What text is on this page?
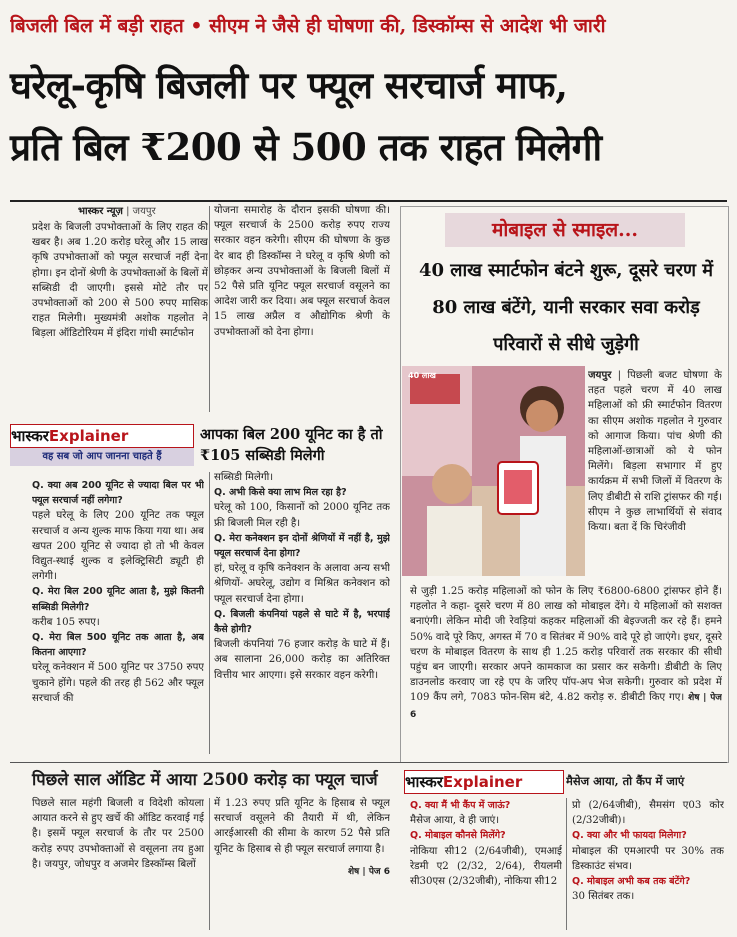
बिजली बिल में बड़ी राहत • सीएम ने जैसे ही घोषणा की, डिस्कॉम्स से आदेश भी जारी
घरेलू-कृषि बिजली पर फ्यूल सरचार्ज माफ,
प्रति बिल ₹200 से 500 तक राहत मिलेगी
भास्कर न्यूज़ | जयपुर
प्रदेश के बिजली उपभोक्ताओं के लिए राहत की खबर है। अब 1.20 करोड़ घरेलू और 15 लाख कृषि उपभोक्ताओं को फ्यूल सरचार्ज नहीं देना होगा। इन दोनों श्रेणी के उपभोक्ताओं के बिलों में सब्सिडी दी जाएगी। इससे मोटे तौर पर उपभोक्ताओं को 200 से 500 रुपए मासिक राहत मिलेगी। मुख्यमंत्री अशोक गहलोत ने बिड़ला ऑडिटोरियम में इंदिरा गांधी स्मार्टफोन
योजना समारोह के दौरान इसकी घोषणा की। फ्यूल सरचार्ज के 2500 करोड़ रुपए राज्य सरकार वहन करेगी। सीएम की घोषणा के कुछ देर बाद ही डिस्कॉम्स ने घरेलू व कृषि श्रेणी को छोड़कर अन्य उपभोक्ताओं के बिजली बिलों में 52 पैसे प्रति यूनिट फ्यूल सरचार्ज वसूलने का आदेश जारी कर दिया। अब फ्यूल सरचार्ज केवल 15 लाख अप्रैल व औद्योगिक श्रेणी के उपभोक्ताओं को देना होगा।
मोबाइल से स्माइल...
40 लाख स्मार्टफोन बंटने शुरू, दूसरे चरण में 80 लाख बंटेंगे, यानी सरकार सवा करोड़ परिवारों से सीधे जुड़ेगी
40 लाख	जयपुर | पिछली बजट घोषणा के तहत पहले चरण में 40 लाख महिलाओं को फ्री स्मार्टफोन वितरण का सीएम अशोक गहलोत ने गुरुवार को आगाज किया। पांच श्रेणी की महिलाओं-छात्राओं को ये फोन मिलेंगे। बिड़ला सभागार में हुए कार्यक्रम में सभी जिलों में वितरण के लिए डीबीटी से राशि ट्रांसफर की गई। सीएम ने कुछ लाभार्थियों से संवाद किया। बता दें कि चिरंजीवी
से जुड़ी 1.25 करोड़ महिलाओं को फोन के लिए ₹6800-6800 ट्रांसफर होने हैं। गहलोत ने कहा- दूसरे चरण में 80 लाख को मोबाइल देंगे। ये महिलाओं को सशक्त बनाएंगी। लेकिन मोदी जी रेवड़ियां कहकर महिलाओं की बेइज्जती कर रहे हैं। हमने 50% वादे पूरे किए, अगस्त में 70 व सितंबर में 90% वादे पूरे हो जाएंगे। इधर, दूसरे चरण के मोबाइल वितरण के साथ ही 1.25 करोड़ परिवारों तक सरकार की सीधी पहुंच बन जाएगी। सरकार अपने कामकाज का प्रसार कर सकेगी। डीबीटी के लिए डाउनलोड करवाए जा रहे एप के जरिए पॉप-अप भेज सकेगी। गुरुवार को प्रदेश में 109 कैंप लगे, 7083 फोन-सिम बंटे, 4.82 करोड़ रु. डीबीटी किए गए। शेष | पेज 6
भास्करExplainer
वह सब जो आप जानना चाहते हैं
आपका बिल 200 यूनिट का है तो ₹105 सब्सिडी मिलेगी
Q. क्या अब 200 यूनिट से ज्यादा बिल पर भी फ्यूल सरचार्ज नहीं लगेगा?
पहले घरेलू के लिए 200 यूनिट तक फ्यूल सरचार्ज व अन्य शुल्क माफ किया गया था। अब खपत 200 यूनिट से ज्यादा हो तो भी केवल विद्युत-स्थाई शुल्क व इलेक्ट्रिसिटी ड्यूटी ही लगेगी।
Q. मेरा बिल 200 यूनिट आता है, मुझे कितनी सब्सिडी मिलेगी?
करीब 105 रुपए।
Q. मेरा बिल 500 यूनिट तक आता है, अब कितना आएगा?
घरेलू कनेक्शन में 500 यूनिट पर 3750 रुपए चुकाने होंगे। पहले की तरह ही 562 और फ्यूल सरचार्ज की
सब्सिडी मिलेगी।
Q. अभी किसे क्या लाभ मिल रहा है?
घरेलू को 100, किसानों को 2000 यूनिट तक फ्री बिजली मिल रही है।
Q. मेरा कनेक्शन इन दोनों श्रेणियों में नहीं है, मुझे फ्यूल सरचार्ज देना होगा?
हां, घरेलू व कृषि कनेक्शन के अलावा अन्य सभी श्रेणियों- अघरेलू, उद्योग व मिश्रित कनेक्शन को फ्यूल सरचार्ज देना होगा।
Q. बिजली कंपनियां पहले से घाटे में है, भरपाई कैसे होगी?
बिजली कंपनियां 76 हजार करोड़ के घाटे में हैं। अब सालाना 26,000 करोड़ का अतिरिक्त वित्तीय भार आएगा। इसे सरकार वहन करेगी।
पिछले साल ऑडिट में आया 2500 करोड़ का फ्यूल चार्ज
पिछले साल महंगी बिजली व विदेशी कोयला आयात करने से हुए खर्चे की ऑडिट करवाई गई है। इसमें फ्यूल सरचार्ज के तौर पर 2500 करोड़ रुपए उपभोक्ताओं से वसूलना तय हुआ है। जयपुर, जोधपुर व अजमेर डिस्कॉम्स बिलों
में 1.23 रुपए प्रति यूनिट के हिसाब से फ्यूल सरचार्ज वसूलने की तैयारी में थी, लेकिन आरईआरसी की सीमा के कारण 52 पैसे प्रति यूनिट के हिसाब से ही फ्यूल सरचार्ज लगाया है।
शेष | पेज 6
भास्करExplainer	मैसेज आया, तो कैंप में जाएं
Q. क्या मैं भी कैंप में जाऊं?
मैसेज आया, वे ही जाएं।
Q. मोबाइल कौनसे मिलेंगे?
नोकिया सी12 (2/64जीबी), एमआई रेडमी ए2 (2/32, 2/64), रीयलमी सी30एस (2/32जीबी), नोकिया सी12
प्रो (2/64जीबी), सैमसंग ए03 कोर (2/32जीबी)।
Q. क्या और भी फायदा मिलेगा?
मोबाइल की एमआरपी पर 30% तक डिस्काउंट संभव।
Q. मोबाइल अभी कब तक बंटेंगे?
30 सितंबर तक।
